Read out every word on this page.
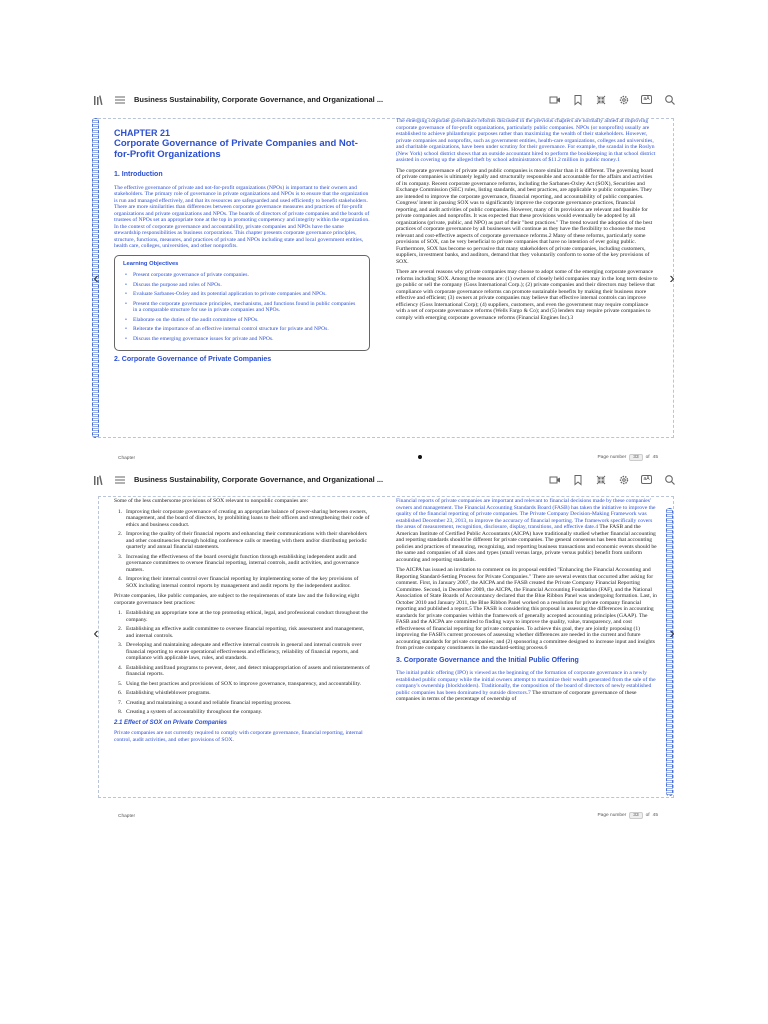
Business Sustainability, Corporate Governance, and Organizational ...	aA
‹	›
CHAPTER 21
Corporate Governance of Private Companies and Not-for-Profit Organizations
1. Introduction

The effective governance of private and not-for-profit organizations (NPOs) is important to their owners and stakeholders. The primary role of governance in private organizations and NPOs is to ensure that the organization is run and managed effectively, and that its resources are safeguarded and used efficiently to benefit stakeholders. There are more similarities than differences between corporate governance measures and practices of for-profit organizations and private organizations and NPOs. The boards of directors of private companies and the boards of trustees of NPOs set an appropriate tone at the top in promoting competency and integrity within the organization. In the context of corporate governance and accountability, private companies and NPOs have the same stewardship responsibilities as business corporations. This chapter presents corporate governance principles, structure, functions, measures, and practices of private and NPOs including state and local government entities, health care, colleges, universities, and other nonprofits.

Learning Objectives
• Present corporate governance of private companies.
• Discuss the purpose and roles of NPOs.
• Evaluate Sarbanes-Oxley and its potential application to private companies and NPOs.
• Present the corporate governance principles, mechanisms, and functions found in public companies in a comparable structure for use in private companies and NPOs.
• Elaborate on the duties of the audit committee of NPOs.
• Reiterate the importance of an effective internal control structure for private and NPOs.
• Discuss the emerging governance issues for private and NPOs.
2. Corporate Governance of Private Companies

The emerging corporate governance reforms discussed in the previous chapters are normally aimed at improving corporate governance of for-profit organizations, particularly public companies. NPOs (or nonprofits) usually are established to achieve philanthropic purposes rather than maximizing the wealth of their stakeholders. However, private companies and nonprofits, such as government entities, health-care organizations, colleges and universities, and charitable organizations, have been under scrutiny for their governance. For example, the scandal in the Roslyn (New York) school district shows that an outside accountant hired to perform the bookkeeping in that school district assisted in covering up the alleged theft by school administrators of $11.2 million in public money.1

The corporate governance of private and public companies is more similar than it is different. The governing board of private companies is ultimately legally and structurally responsible and accountable for the affairs and activities of its company. Recent corporate governance reforms, including the Sarbanes-Oxley Act (SOX), Securities and Exchange Commission (SEC) rules, listing standards, and best practices, are applicable to public companies. They are intended to improve the corporate governance, financial reporting, and accountability of public companies. Congress' intent in passing SOX was to significantly improve the corporate governance practices, financial reporting, and audit activities of public companies. However, many of its provisions are relevant and feasible for private companies and nonprofits. It was expected that these provisions would eventually be adopted by all organizations (private, public, and NPO) as part of their "best practices." The trend toward the adoption of the best practices of corporate governance by all businesses will continue as they have the flexibility to choose the most relevant and cost-effective aspects of corporate governance reforms.2 Many of these reforms, particularly some provisions of SOX, can be very beneficial to private companies that have no intention of ever going public. Furthermore, SOX has become so pervasive that many stakeholders of private companies, including customers, suppliers, investment banks, and auditors, demand that they voluntarily conform to some of the key provisions of SOX.

There are several reasons why private companies may choose to adopt some of the emerging corporate governance reforms including SOX. Among the reasons are: (1) owners of closely held companies may in the long term desire to go public or sell the company (Goss International Corp.); (2) private companies and their directors may believe that compliance with corporate governance reforms can promote sustainable benefits by making their business more effective and efficient; (3) owners at private companies may believe that effective internal controls can improve efficiency (Goss International Corp); (4) suppliers, customers, and even the government may require compliance with a set of corporate governance reforms (Wells Fargo & Co); and (5) lenders may require private companies to comply with emerging corporate governance reforms (Financial Engines Inc).3

Chapter	Page number	33	of 45
Business Sustainability, Corporate Governance, and Organizational ...	aA
‹	›

Some of the less cumbersome provisions of SOX relevant to nonpublic companies are:

1. Improving their corporate governance of creating an appropriate balance of power-sharing between owners, management, and the board of directors, by prohibiting loans to their officers and strengthening their code of ethics and business conduct.
2. Improving the quality of their financial reports and enhancing their communications with their shareholders and other constituencies through holding conference calls or meeting with them and/or distributing periodic quarterly and annual financial statements.
3. Increasing the effectiveness of the board oversight function through establishing independent audit and governance committees to oversee financial reporting, internal controls, audit activities, and governance matters.
4. Improving their internal control over financial reporting by implementing some of the key provisions of SOX including internal control reports by management and audit reports by the independent auditor.

Private companies, like public companies, are subject to the requirements of state law and the following eight corporate governance best practices:

1. Establishing an appropriate tone at the top promoting ethical, legal, and professional conduct throughout the company.
2. Establishing an effective audit committee to oversee financial reporting, risk assessment and management, and internal controls.
3. Developing and maintaining adequate and effective internal controls in general and internal controls over financial reporting to ensure operational effectiveness and efficiency, reliability of financial reports, and compliance with applicable laws, rules, and standards.
4. Establishing antifraud programs to prevent, deter, and detect misappropriation of assets and misstatements of financial reports.
5. Using the best practices and provisions of SOX to improve governance, transparency, and accountability.
6. Establishing whistleblower programs.
7. Creating and maintaining a sound and reliable financial reporting process.
8. Creating a system of accountability throughout the company.
2.1 Effect of SOX on Private Companies

Private companies are not currently required to comply with corporate governance, financial reporting, internal control, audit activities, and other provisions of SOX.

Financial reports of private companies are important and relevant to financial decisions made by these companies' owners and management. The Financial Accounting Standards Board (FASB) has taken the initiative to improve the quality of the financial reporting of private companies. The Private Company Decision-Making Framework was established December 23, 2013, to improve the accuracy of financial reporting. The framework specifically covers the areas of measurement, recognition, disclosure, display, transitions, and effective date.4 The FASB and the American Institute of Certified Public Accountants (AICPA) have traditionally studied whether financial accounting and reporting standards should be different for private companies. The general consensus has been that accounting policies and practices of measuring, recognizing, and reporting business transactions and economic events should be the same and companies of all sizes and types (small versus large, private versus public) benefit from uniform accounting and reporting standards.

The AICPA has issued an invitation to comment on its proposal entitled "Enhancing the Financial Accounting and Reporting Standard-Setting Process for Private Companies." There are several events that occurred after asking for comment. First, in January 2007, the AICPA and the FASB created the Private Company Financial Reporting Committee. Second, in December 2009, the AICPA, the Financial Accounting Foundation (FAF), and the National Association of State Boards of Accountancy declared that the Blue Ribbon Panel was undergoing formation. Last, in October 2010 and January 2011, the Blue Ribbon Panel worked on a resolution for private company financial reporting and published a report.5 The FASB is considering this proposal in assessing the differences in accounting standards for private companies within the framework of generally accepted accounting principles (GAAP). The FASB and the AICPA are committed to finding ways to improve the quality, value, transparency, and cost effectiveness of financial reporting for private companies. To achieve this goal, they are jointly proposing (1) improving the FASB's current processes of assessing whether differences are needed in the current and future accounting standards for private companies; and (2) sponsoring a committee designed to increase input and insights from private company constituents in the standard-setting process.6

3. Corporate Governance and the Initial Public Offering

The initial public offering (IPO) is viewed as the beginning of the formation of corporate governance in a newly established public company while the initial owners attempt to maximize their wealth generated from the sale of the company's ownership (blockholders). Traditionally, the composition of the board of directors of newly established public companies has been dominated by outside directors.7 The structure of corporate governance of these companies in terms of the percentage of ownership of

Chapter	Page number	33	of 45
